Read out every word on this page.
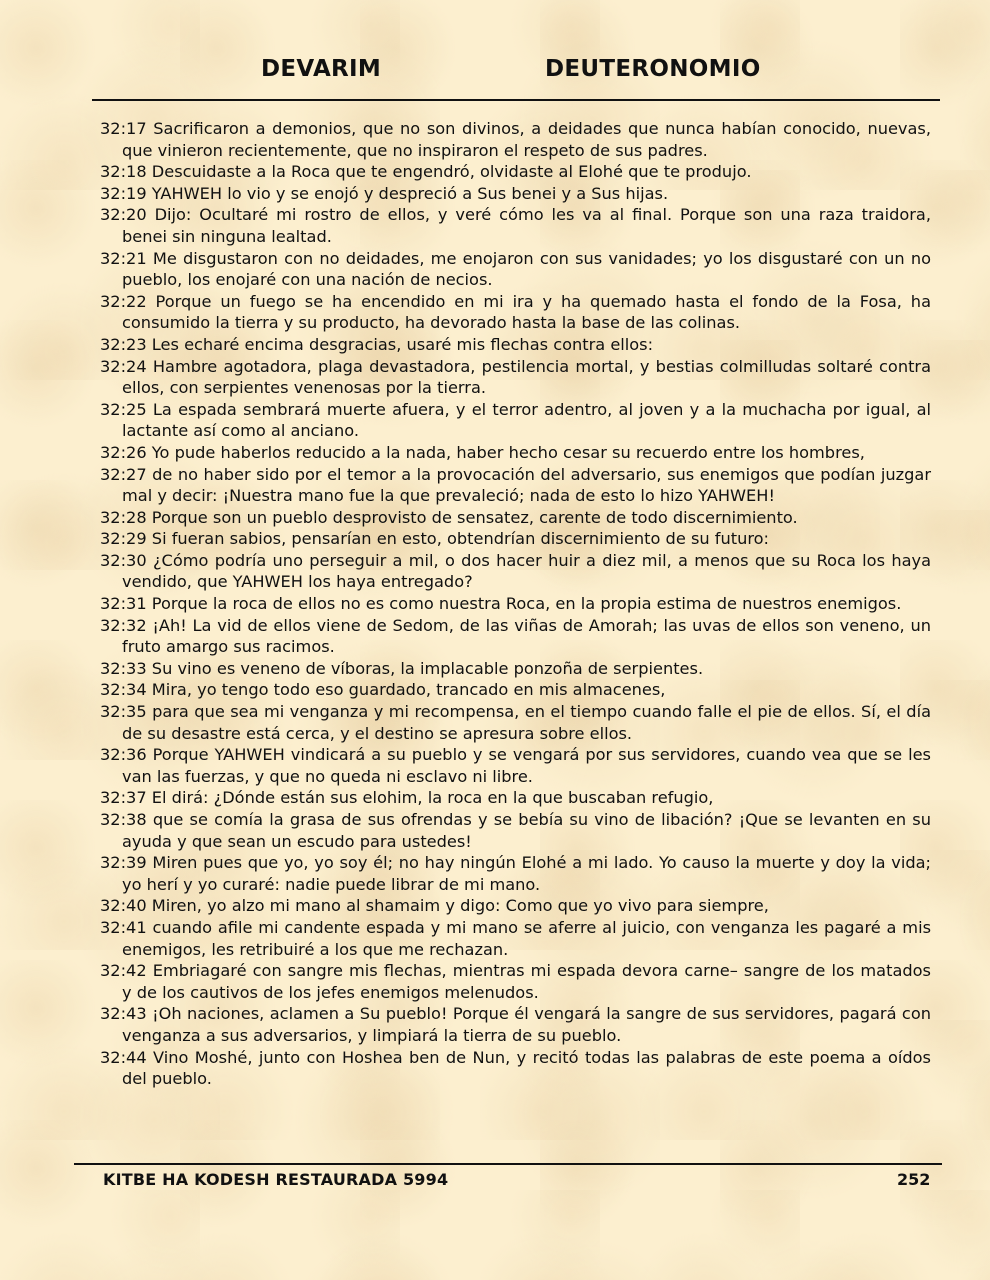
DEVARIM	DEUTERONOMIO

32:17 Sacrificaron a demonios, que no son divinos, a deidades que nunca habían conocido, nuevas, que vinieron recientemente, que no inspiraron el respeto de sus padres.

32:18 Descuidaste a la Roca que te engendró, olvidaste al Elohé que te produjo.

32:19 YAHWEH lo vio y se enojó y despreció a Sus benei y a Sus hijas.

32:20 Dijo: Ocultaré mi rostro de ellos, y veré cómo les va al final. Porque son una raza traidora, benei sin ninguna lealtad.

32:21 Me disgustaron con no deidades, me enojaron con sus vanidades; yo los disgustaré con un no pueblo, los enojaré con una nación de necios.

32:22 Porque un fuego se ha encendido en mi ira y ha quemado hasta el fondo de la Fosa, ha consumido la tierra y su producto, ha devorado hasta la base de las colinas.

32:23 Les echaré encima desgracias, usaré mis flechas contra ellos:

32:24 Hambre agotadora, plaga devastadora, pestilencia mortal, y bestias colmilludas soltaré contra ellos, con serpientes venenosas por la tierra.

32:25 La espada sembrará muerte afuera, y el terror adentro, al joven y a la muchacha por igual, al lactante así como al anciano.

32:26 Yo pude haberlos reducido a la nada, haber hecho cesar su recuerdo entre los hombres,

32:27 de no haber sido por el temor a la provocación del adversario, sus enemigos que podían juzgar mal y decir: ¡Nuestra mano fue la que prevaleció; nada de esto lo hizo YAHWEH!

32:28 Porque son un pueblo desprovisto de sensatez, carente de todo discernimiento.

32:29 Si fueran sabios, pensarían en esto, obtendrían discernimiento de su futuro:

32:30 ¿Cómo podría uno perseguir a mil, o dos hacer huir a diez mil, a menos que su Roca los haya vendido, que YAHWEH los haya entregado?

32:31 Porque la roca de ellos no es como nuestra Roca, en la propia estima de nuestros enemigos.

32:32 ¡Ah! La vid de ellos viene de Sedom, de las viñas de Amorah; las uvas de ellos son veneno, un fruto amargo sus racimos.

32:33 Su vino es veneno de víboras, la implacable ponzoña de serpientes.

32:34 Mira, yo tengo todo eso guardado, trancado en mis almacenes,

32:35 para que sea mi venganza y mi recompensa, en el tiempo cuando falle el pie de ellos. Sí, el día de su desastre está cerca, y el destino se apresura sobre ellos.

32:36 Porque YAHWEH vindicará a su pueblo y se vengará por sus servidores, cuando vea que se les van las fuerzas, y que no queda ni esclavo ni libre.

32:37 El dirá: ¿Dónde están sus elohim, la roca en la que buscaban refugio,

32:38 que se comía la grasa de sus ofrendas y se bebía su vino de libación? ¡Que se levanten en su ayuda y que sean un escudo para ustedes!

32:39 Miren pues que yo, yo soy él; no hay ningún Elohé a mi lado. Yo causo la muerte y doy la vida; yo herí y yo curaré: nadie puede librar de mi mano.

32:40 Miren, yo alzo mi mano al shamaim y digo: Como que yo vivo para siempre,

32:41 cuando afile mi candente espada y mi mano se aferre al juicio, con venganza les pagaré a mis enemigos, les retribuiré a los que me rechazan.

32:42 Embriagaré con sangre mis flechas, mientras mi espada devora carne– sangre de los matados y de los cautivos de los jefes enemigos melenudos.

32:43 ¡Oh naciones, aclamen a Su pueblo! Porque él vengará la sangre de sus servidores, pagará con venganza a sus adversarios, y limpiará la tierra de su pueblo.

32:44 Vino Moshé, junto con Hoshea ben de Nun, y recitó todas las palabras de este poema a oídos del pueblo.

KITBE HA KODESH RESTAURADA 5994	252
